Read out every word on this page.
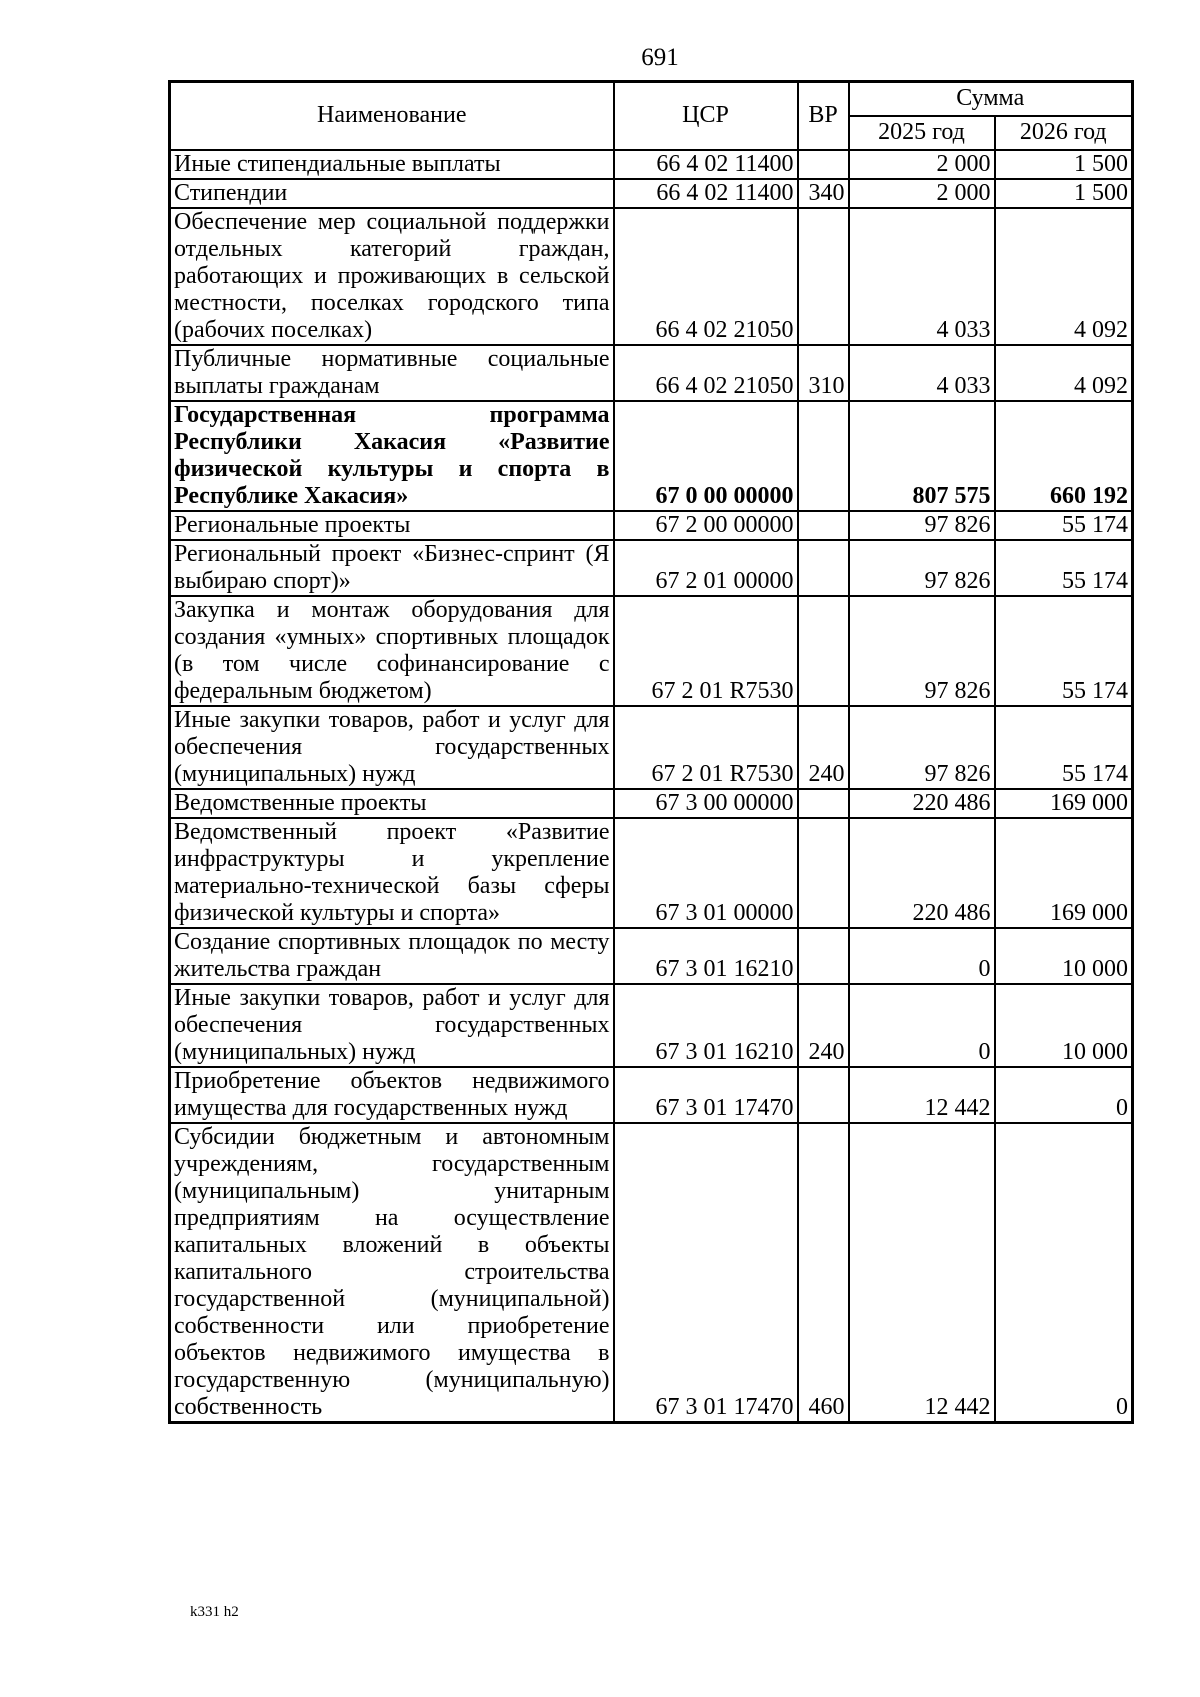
691
Наименование	ЦСР	ВР	Сумма	
			2025 год	2026 год
Иные стипендиальные выплаты	66 4 02 11400		2 000	1 500
Стипендии	66 4 02 11400	340	2 000	1 500
Обеспечение мер социальной поддержки отдельных категорий граждан, работающих и проживающих в сельской местности, поселках городского типа (рабочих поселках)	66 4 02 21050		4 033	4 092
Публичные нормативные социальные выплаты гражданам	66 4 02 21050	310	4 033	4 092
Государственная программа Республики Хакасия «Развитие физической культуры и спорта в Республике Хакасия»	67 0 00 00000		807 575	660 192
Региональные проекты	67 2 00 00000		97 826	55 174
Региональный проект «Бизнес-спринт (Я выбираю спорт)»	67 2 01 00000		97 826	55 174
Закупка и монтаж оборудования для создания «умных» спортивных площадок (в том числе софинансирование с федеральным бюджетом)	67 2 01 R7530		97 826	55 174
Иные закупки товаров, работ и услуг для обеспечения государственных (муниципальных) нужд	67 2 01 R7530	240	97 826	55 174
Ведомственные проекты	67 3 00 00000		220 486	169 000
Ведомственный проект «Развитие инфраструктуры и укрепление материально-технической базы сферы физической культуры и спорта»	67 3 01 00000		220 486	169 000
Создание спортивных площадок по месту жительства граждан	67 3 01 16210		0	10 000
Иные закупки товаров, работ и услуг для обеспечения государственных (муниципальных) нужд	67 3 01 16210	240	0	10 000
Приобретение объектов недвижимого имущества для государственных нужд	67 3 01 17470		12 442	0
Субсидии бюджетным и автономным учреждениям, государственным (муниципальным) унитарным предприятиям на осуществление капитальных вложений в объекты капитального строительства государственной (муниципальной) собственности или приобретение объектов недвижимого имущества в государственную (муниципальную) собственность	67 3 01 17470	460	12 442	0
k331 h2
